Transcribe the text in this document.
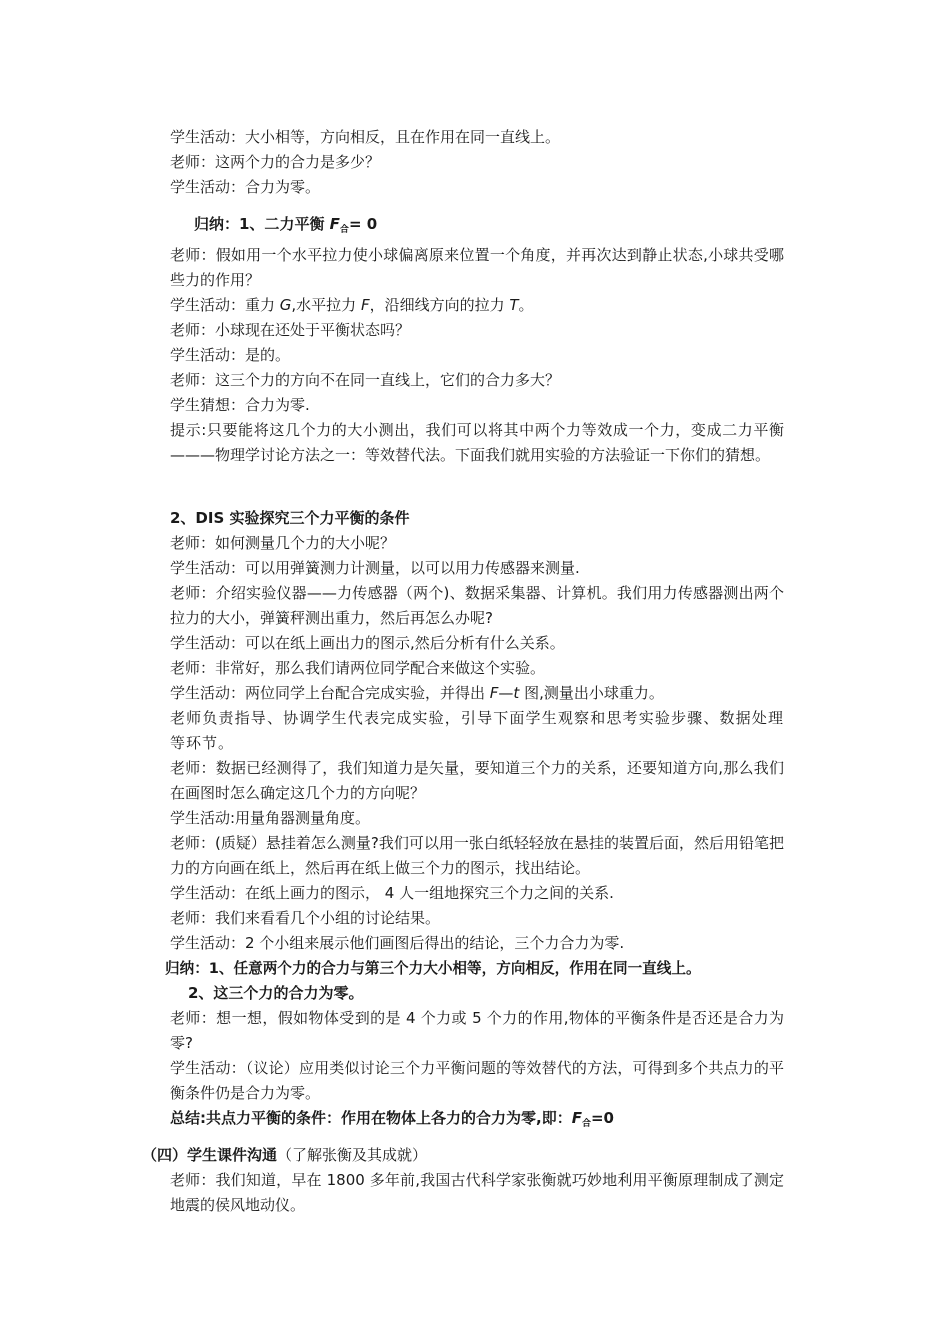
学生活动：大小相等，方向相反，且在作用在同一直线上。

老师：这两个力的合力是多少？

学生活动：合力为零。

归纳：1、二力平衡 $F_合= 0$

老师：假如用一个水平拉力使小球偏离原来位置一个角度，并再次达到静止状态,小球共受哪些力的作用？

学生活动：重力 G,水平拉力 F，沿细线方向的拉力 T。

老师：小球现在还处于平衡状态吗？

学生活动：是的。

老师：这三个力的方向不在同一直线上，它们的合力多大？

学生猜想：合力为零.

提示:只要能将这几个力的大小测出，我们可以将其中两个力等效成一个力，变成二力平衡———物理学讨论方法之一：等效替代法。下面我们就用实验的方法验证一下你们的猜想。

2、DIS 实验探究三个力平衡的条件

老师：如何测量几个力的大小呢？

学生活动：可以用弹簧测力计测量，以可以用力传感器来测量.

老师：介绍实验仪器——力传感器（两个)、数据采集器、计算机。我们用力传感器测出两个拉力的大小，弹簧秤测出重力，然后再怎么办呢?

学生活动：可以在纸上画出力的图示,然后分析有什么关系。

老师：非常好，那么我们请两位同学配合来做这个实验。

学生活动：两位同学上台配合完成实验，并得出 F—t 图,测量出小球重力。

老师负责指导、协调学生代表完成实验，引导下面学生观察和思考实验步骤、数据处理等环节。

老师：数据已经测得了，我们知道力是矢量，要知道三个力的关系，还要知道方向,那么我们在画图时怎么确定这几个力的方向呢？

学生活动:用量角器测量角度。

老师：(质疑）悬挂着怎么测量?我们可以用一张白纸轻轻放在悬挂的装置后面，然后用铅笔把力的方向画在纸上，然后再在纸上做三个力的图示，找出结论。

学生活动：在纸上画力的图示， 4 人一组地探究三个力之间的关系.

老师：我们来看看几个小组的讨论结果。

学生活动：2 个小组来展示他们画图后得出的结论，三个力合力为零.

归纳：1、任意两个力的合力与第三个力大小相等，方向相反，作用在同一直线上。

2、这三个力的合力为零。

老师：想一想，假如物体受到的是 4 个力或 5 个力的作用,物体的平衡条件是否还是合力为零?

学生活动：（议论）应用类似讨论三个力平衡问题的等效替代的方法，可得到多个共点力的平衡条件仍是合力为零。

总结:共点力平衡的条件：作用在物体上各力的合力为零,即：$F_合=0$

（四）学生课件沟通（了解张衡及其成就）

老师：我们知道，早在 1800 多年前,我国古代科学家张衡就巧妙地利用平衡原理制成了测定地震的侯风地动仪。
